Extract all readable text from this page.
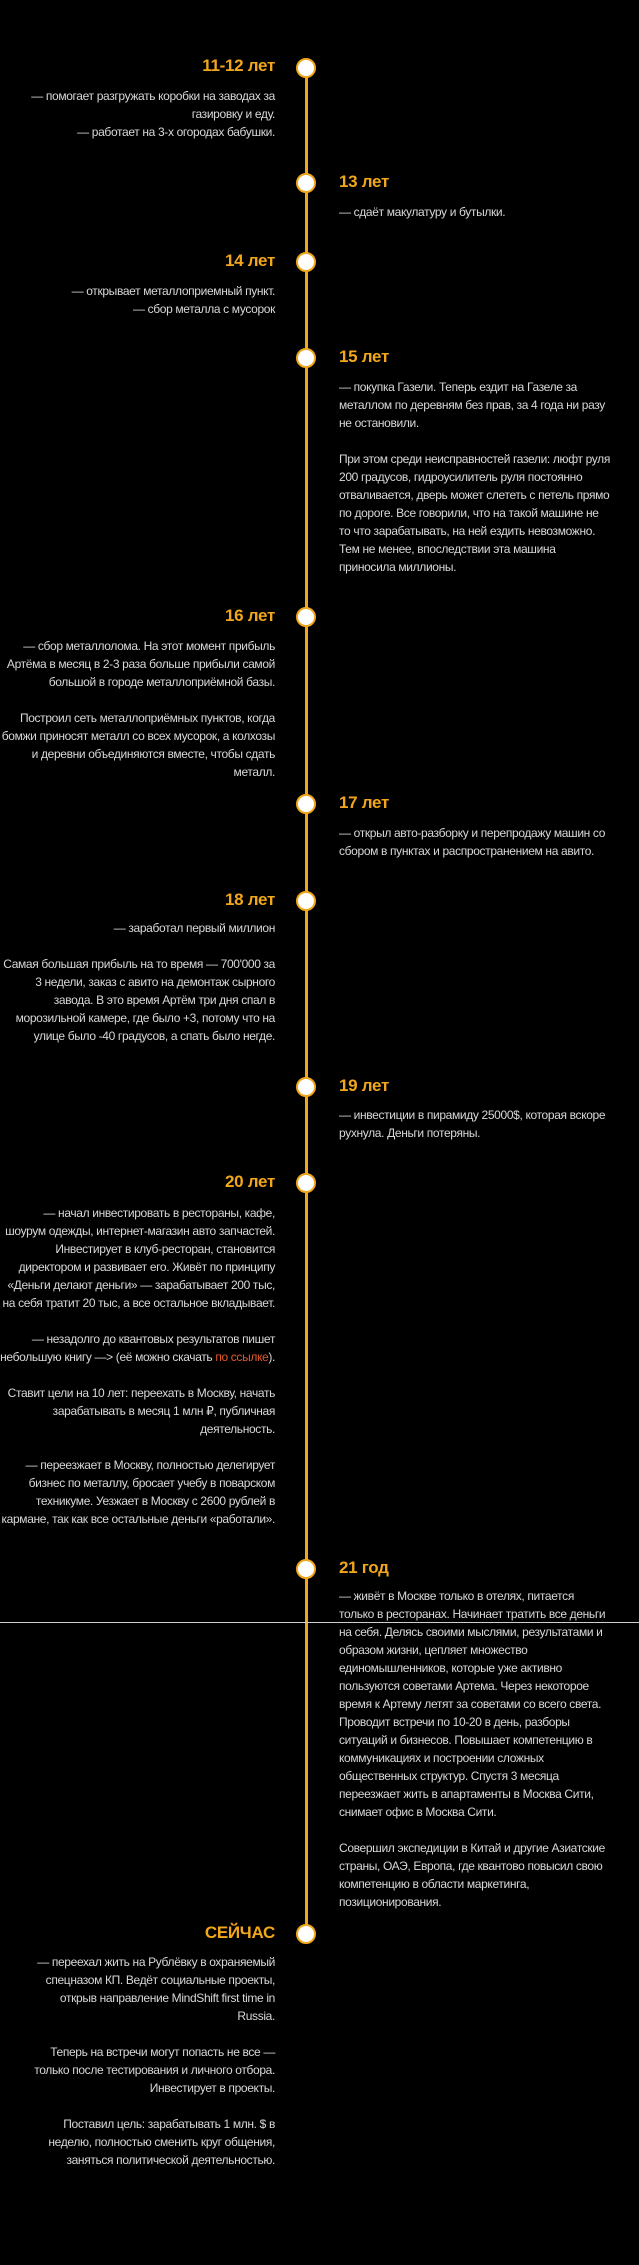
11-12 лет

— помогает разгружать коробки на заводах за газировку и еду.
— работает на 3-х огородах бабушки.

13 лет

— сдаёт макулатуру и бутылки.

14 лет

— открывает металлоприемный пункт.
— сбор металла с мусорок

15 лет

— покупка Газели. Теперь ездит на Газеле за металлом по деревням без прав, за 4 года ни разу не остановили.

При этом среди неисправностей газели: люфт руля 200 градусов, гидроусилитель руля постоянно отваливается, дверь может слететь с петель прямо по дороге. Все говорили, что на такой машине не то что зарабатывать, на ней ездить невозможно. Тем не менее, впоследствии эта машина приносила миллионы.

16 лет

— сбор металлолома. На этот момент прибыль Артёма в месяц в 2-3 раза больше прибыли самой большой в городе металлоприёмной базы.

Построил сеть металлоприёмных пунктов, когда бомжи приносят металл со всех мусорок, а колхозы и деревни объединяются вместе, чтобы сдать металл.

17 лет

— открыл авто-разборку и перепродажу машин со сбором в пунктах и распространением на авито.

18 лет

— заработал первый миллион

Самая большая прибыль на то время — 700'000 за 3 недели, заказ с авито на демонтаж сырного завода. В это время Артём три дня спал в морозильной камере, где было +3, потому что на улице было -40 градусов, а спать было негде.

19 лет

— инвестиции в пирамиду 25000$, которая вскоре рухнула. Деньги потеряны.

20 лет

— начал инвестировать в рестораны, кафе, шоурум одежды, интернет-магазин авто запчастей. Инвестирует в клуб-ресторан, становится директором и развивает его. Живёт по принципу «Деньги делают деньги» — зарабатывает 200 тыс, на себя тратит 20 тыс, а все остальное вкладывает.

— незадолго до квантовых результатов пишет небольшую книгу —> (её можно скачать по ссылке).

Ставит цели на 10 лет: переехать в Москву, начать зарабатывать в месяц 1 млн ₽, публичная деятельность.

— переезжает в Москву, полностью делегирует бизнес по металлу, бросает учебу в поварском техникуме. Уезжает в Москву с 2600 рублей в кармане, так как все остальные деньги «работали».

21 год

— живёт в Москве только в отелях, питается только в ресторанах. Начинает тратить все деньги на себя. Делясь своими мыслями, результатами и образом жизни, цепляет множество единомышленников, которые уже активно пользуются советами Артема. Через некоторое время к Артему летят за советами со всего света. Проводит встречи по 10-20 в день, разборы ситуаций и бизнесов. Повышает компетенцию в коммуникациях и построении сложных общественных структур. Спустя 3 месяца переезжает жить в апартаменты в Москва Сити, снимает офис в Москва Сити.

Совершил экспедиции в Китай и другие Азиатские страны, ОАЭ, Европа, где квантово повысил свою компетенцию в области маркетинга, позиционирования.

СЕЙЧАС

— переехал жить на Рублёвку в охраняемый спецназом КП. Ведёт социальные проекты, открыв направление MindShift first time in Russia.

Теперь на встречи могут попасть не все — только после тестирования и личного отбора. Инвестирует в проекты.

Поставил цель: зарабатывать 1 млн. $ в неделю, полностью сменить круг общения, заняться политической деятельностью.
